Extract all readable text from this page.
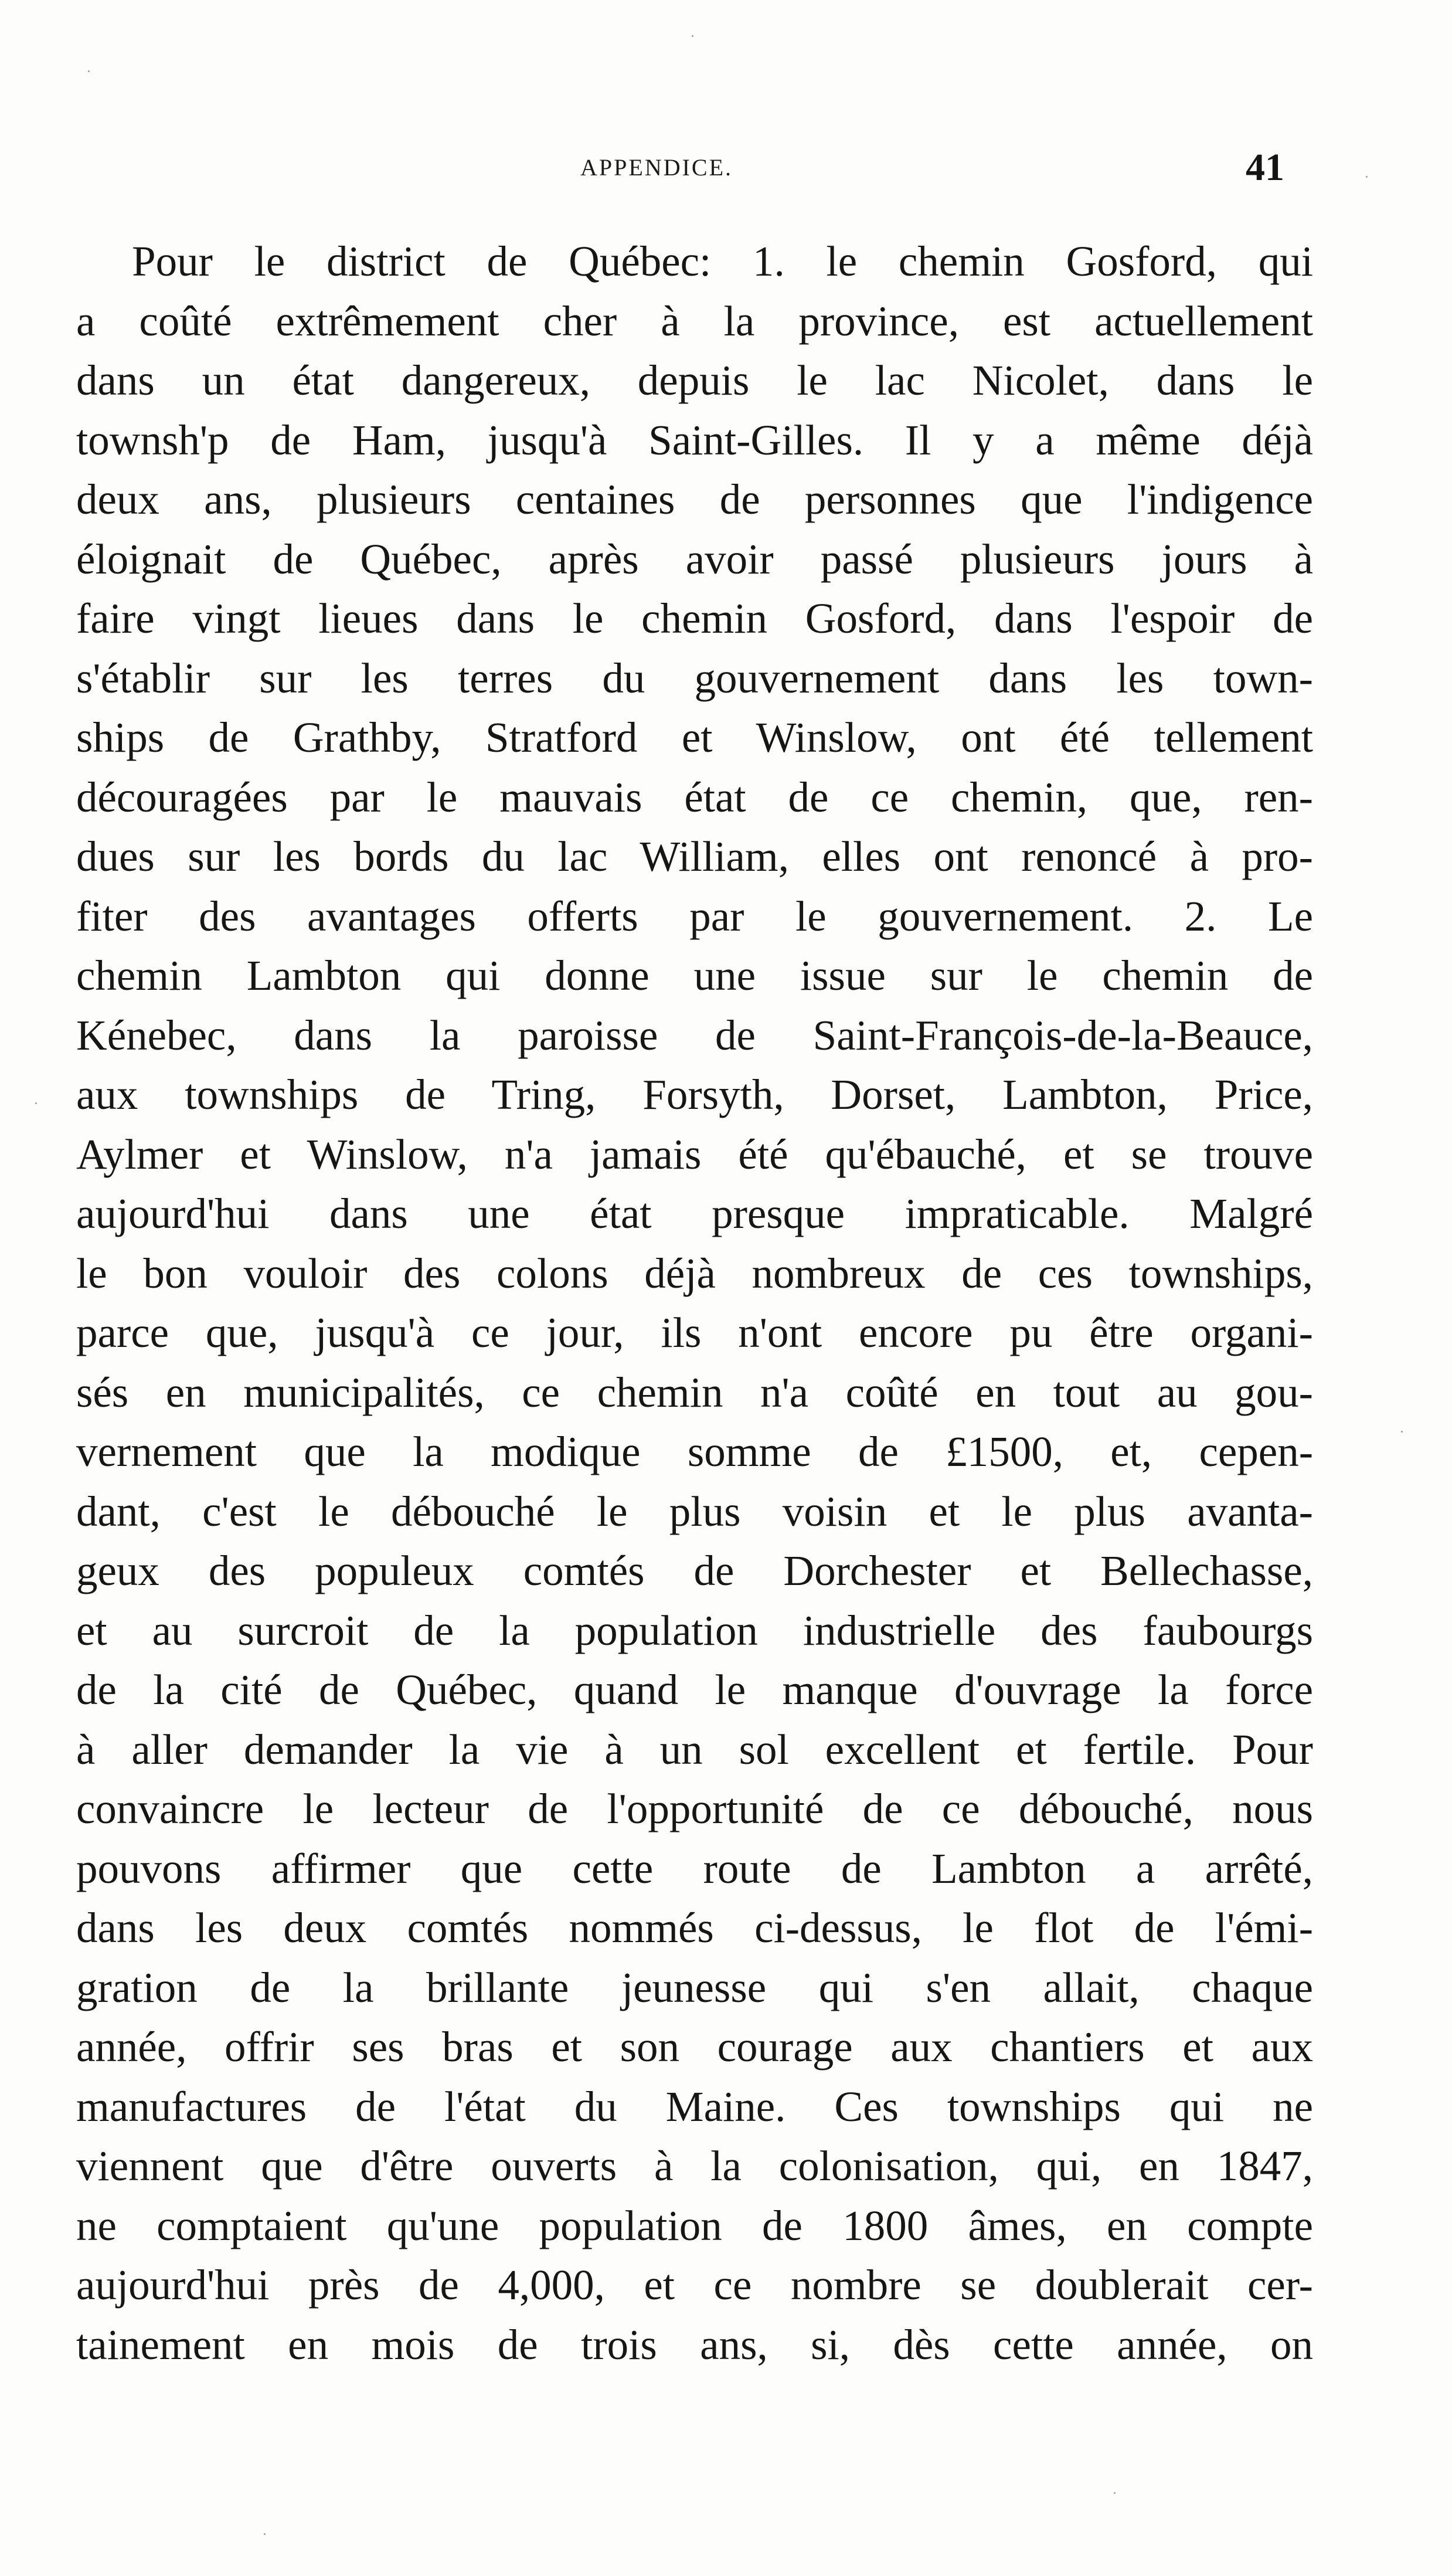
APPENDICE.	41
Pour le district de Québec: 1. le chemin Gosford, qui
a coûté extrêmement cher à la province, est actuellement
dans un état dangereux, depuis le lac Nicolet, dans le
townsh'p de Ham, jusqu'à Saint-Gilles. Il y a même déjà
deux ans, plusieurs centaines de personnes que l'indigence
éloignait de Québec, après avoir passé plusieurs jours à
faire vingt lieues dans le chemin Gosford, dans l'espoir de
s'établir sur les terres du gouvernement dans les town-
ships de Grathby, Stratford et Winslow, ont été tellement
découragées par le mauvais état de ce chemin, que, ren-
dues sur les bords du lac William, elles ont renoncé à pro-
fiter des avantages offerts par le gouvernement. 2. Le
chemin Lambton qui donne une issue sur le chemin de
Kénebec, dans la paroisse de Saint-François-de-la-Beauce,
aux townships de Tring, Forsyth, Dorset, Lambton, Price,
Aylmer et Winslow, n'a jamais été qu'ébauché, et se trouve
aujourd'hui dans une état presque impraticable. Malgré
le bon vouloir des colons déjà nombreux de ces townships,
parce que, jusqu'à ce jour, ils n'ont encore pu être organi-
sés en municipalités, ce chemin n'a coûté en tout au gou-
vernement que la modique somme de £1500, et, cepen-
dant, c'est le débouché le plus voisin et le plus avanta-
geux des populeux comtés de Dorchester et Bellechasse,
et au surcroit de la population industrielle des faubourgs
de la cité de Québec, quand le manque d'ouvrage la force
à aller demander la vie à un sol excellent et fertile. Pour
convaincre le lecteur de l'opportunité de ce débouché, nous
pouvons affirmer que cette route de Lambton a arrêté,
dans les deux comtés nommés ci-dessus, le flot de l'émi-
gration de la brillante jeunesse qui s'en allait, chaque
année, offrir ses bras et son courage aux chantiers et aux
manufactures de l'état du Maine. Ces townships qui ne
viennent que d'être ouverts à la colonisation, qui, en 1847,
ne comptaient qu'une population de 1800 âmes, en compte
aujourd'hui près de 4,000, et ce nombre se doublerait cer-
tainement en mois de trois ans, si, dès cette année, on
